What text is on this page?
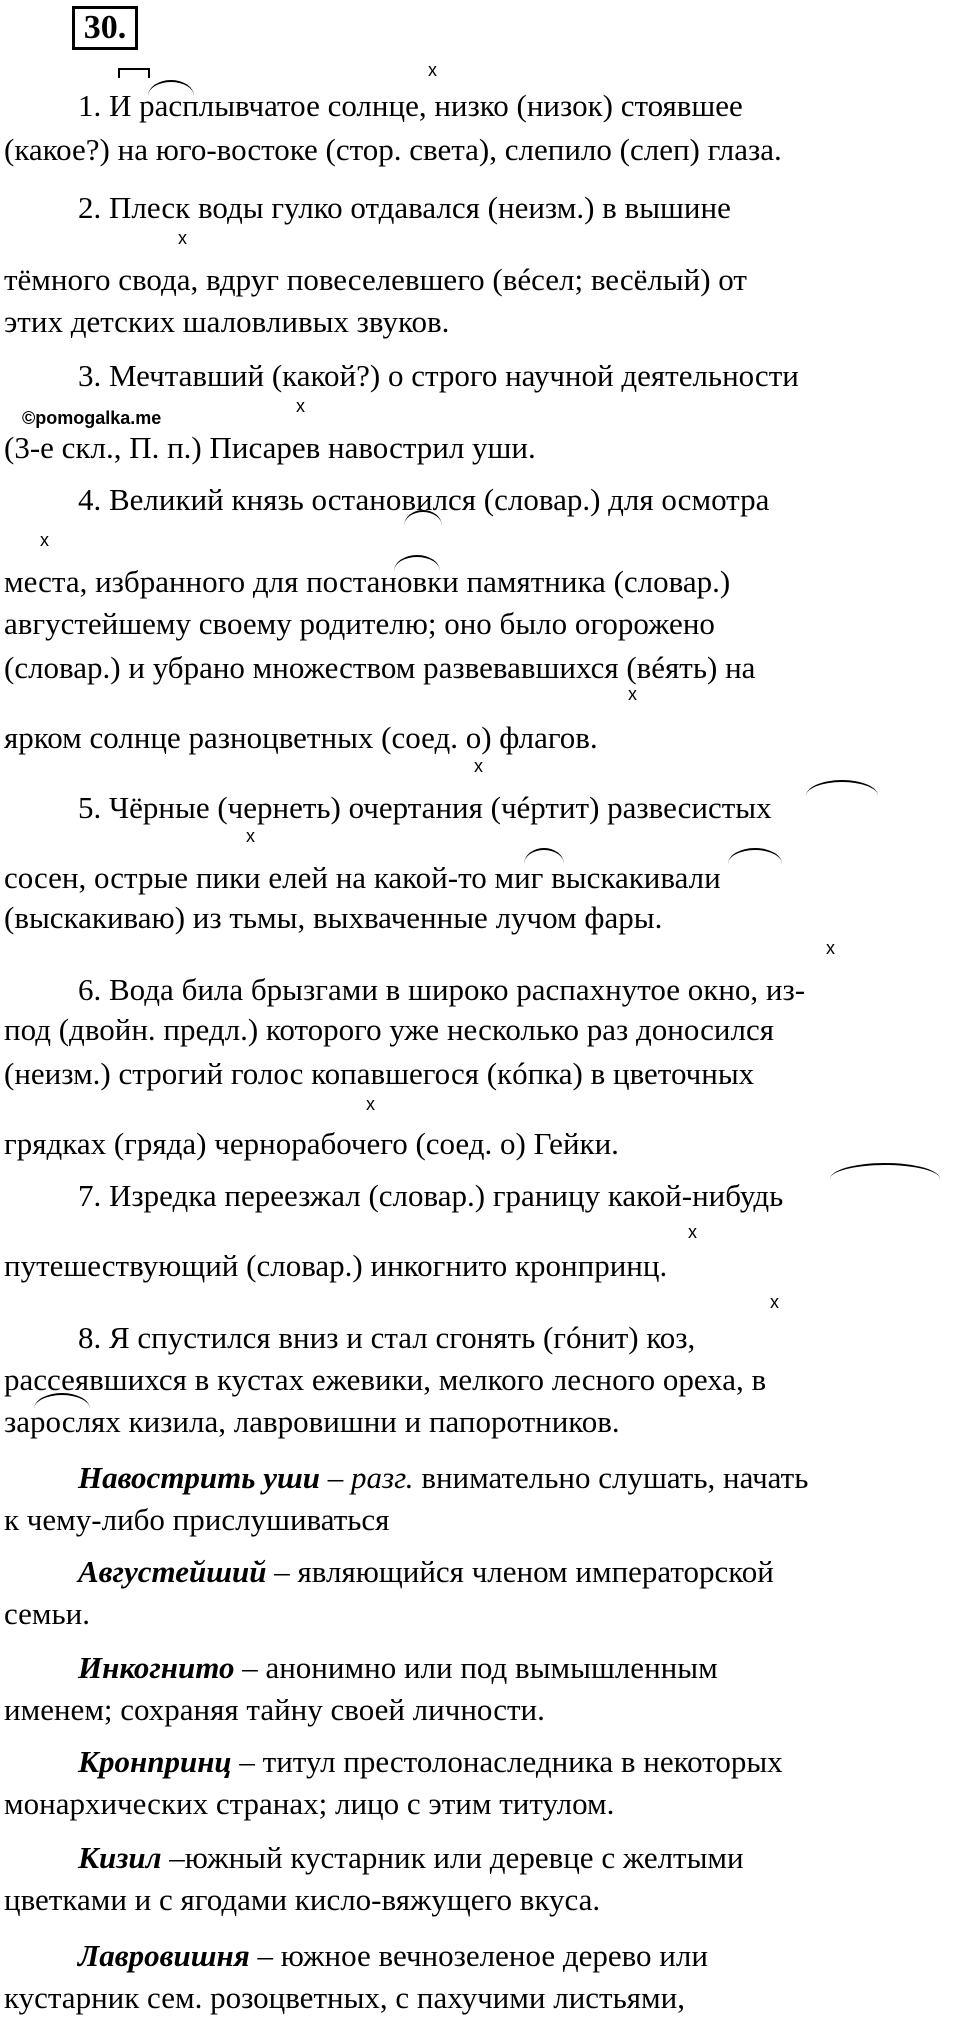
30.
©pomogalka.me
x
x
x
x
x
x
x
x
x
x
x
1. И расплывчатое солнце, низко (низок) стоявшее
(какое?) на юго-востоке (стор. света), слепило (слеп) глаза.
2. Плеск воды гулко отдавался (неизм.) в вышине
тёмного свода, вдруг повеселевшего (вéсел; весёлый) от
этих детских шаловливых звуков.
3. Мечтавший (какой?) о строго научной деятельности
(3-е скл., П. п.) Писарев навострил уши.
4. Великий князь остановился (словар.) для осмотра
места, избранного для постановки памятника (словар.)
августейшему своему родителю; оно было огорожено
(словар.) и убрано множеством развевавшихся (вéять) на
ярком солнце разноцветных (соед. о) флагов.
5. Чёрные (чернеть) очертания (чéртит) развесистых
сосен, острые пики елей на какой-то миг выскакивали
(выскакиваю) из тьмы, выхваченные лучом фары.
6. Вода била брызгами в широко распахнутое окно, из-
под (двойн. предл.) которого уже несколько раз доносился
(неизм.) строгий голос копавшегося (кóпка) в цветочных
грядках (гряда) чернорабочего (соед. о) Гейки.
7. Изредка переезжал (словар.) границу какой-нибудь
путешествующий (словар.) инкогнито кронпринц.
8. Я спустился вниз и стал сгонять (гóнит) коз,
рассеявшихся в кустах ежевики, мелкого лесного ореха, в
зарослях кизила, лавровишни и папоротников.
Навострить уши – разг. внимательно слушать, начать
к чему-либо прислушиваться
Августейший – являющийся членом императорской
семьи.
Инкогнито – анонимно или под вымышленным
именем; сохраняя тайну своей личности.
Кронпринц – титул престолонаследника в некоторых
монархических странах; лицо с этим титулом.
Кизил –южный кустарник или деревце с желтыми
цветками и с ягодами кисло-вяжущего вкуса.
Лавровишня – южное вечнозеленое дерево или
кустарник сем. розоцветных, с пахучими листьями,
